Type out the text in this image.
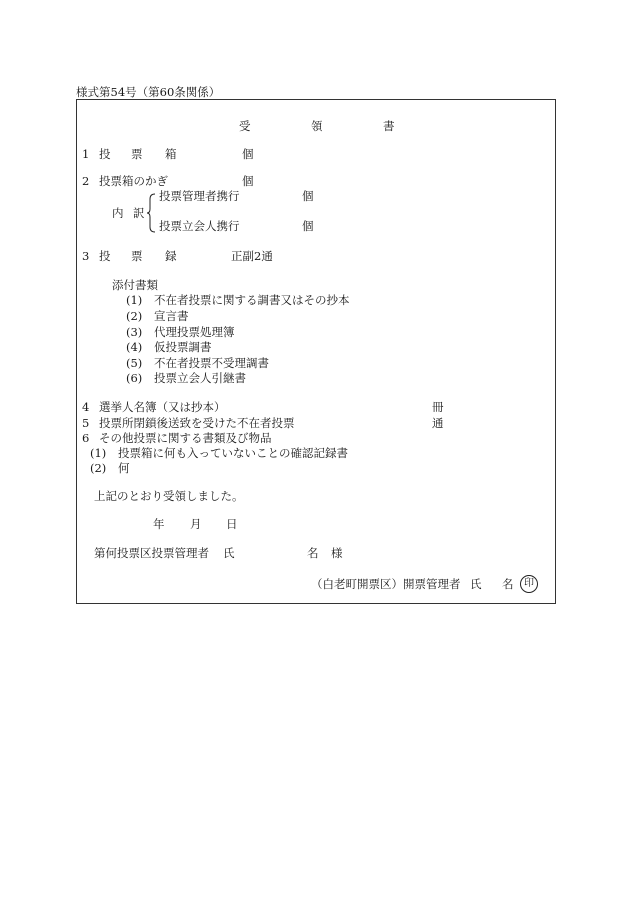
様式第54号（第60条関係）
受	領	書
1 投 票 箱	個
2 投票箱のかぎ	個
内 訳
投票管理者携行	個
投票立会人携行	個
3 投 票 録	正副2通
添付書類
(1) 不在者投票に関する調書又はその抄本
(2) 宣言書
(3) 代理投票処理簿
(4) 仮投票調書
(5) 不在者投票不受理調書
(6) 投票立会人引継書
4 選挙人名簿（又は抄本）	冊
5 投票所閉鎖後送致を受けた不在者投票	通
6 その他投票に関する書類及び物品
(1) 投票箱に何も入っていないことの確認記録書
(2) 何
上記のとおり受領しました。
年 月 日
第何投票区投票管理者 氏	名 様
（白老町開票区）開票管理者 氏 名	印
